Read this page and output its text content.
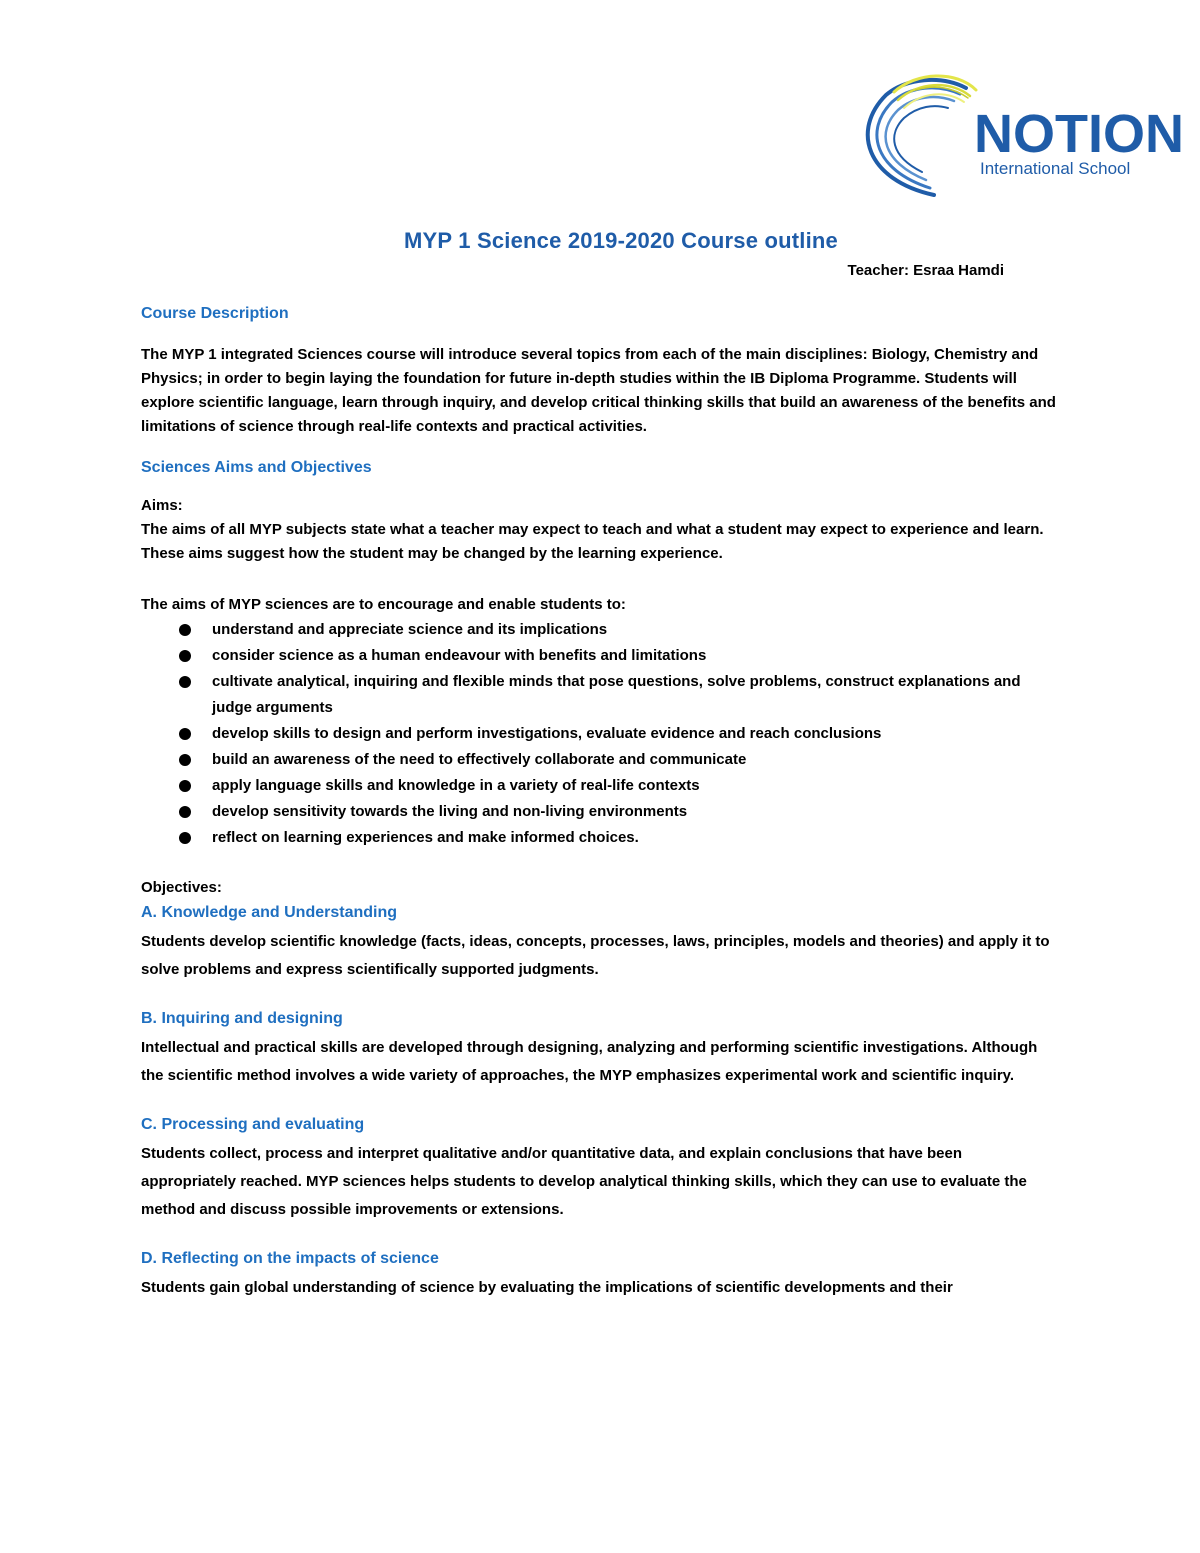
NOTION
International School
MYP 1 Science 2019-2020 Course outline
Teacher: Esraa Hamdi
Course Description
The MYP 1 integrated Sciences course will introduce several topics from each of the main disciplines: Biology, Chemistry and Physics; in order to begin laying the foundation for future in-depth studies within the IB Diploma Programme. Students will explore scientific language, learn through inquiry, and develop critical thinking skills that build an awareness of the benefits and limitations of science through real-life contexts and practical activities.
Sciences Aims and Objectives
Aims:
The aims of all MYP subjects state what a teacher may expect to teach and what a student may expect to experience and learn. These aims suggest how the student may be changed by the learning experience.
The aims of MYP sciences are to encourage and enable students to:
understand and appreciate science and its implications
consider science as a human endeavour with benefits and limitations
cultivate analytical, inquiring and flexible minds that pose questions, solve problems, construct explanations and judge arguments
develop skills to design and perform investigations, evaluate evidence and reach conclusions
build an awareness of the need to effectively collaborate and communicate
apply language skills and knowledge in a variety of real-life contexts
develop sensitivity towards the living and non-living environments
reflect on learning experiences and make informed choices.
Objectives:
A. Knowledge and Understanding
Students develop scientific knowledge (facts, ideas, concepts, processes, laws, principles, models and theories) and apply it to solve problems and express scientifically supported judgments.
B. Inquiring and designing
Intellectual and practical skills are developed through designing, analyzing and performing scientific investigations. Although the scientific method involves a wide variety of approaches, the MYP emphasizes experimental work and scientific inquiry.
C. Processing and evaluating
Students collect, process and interpret qualitative and/or quantitative data, and explain conclusions that have been appropriately reached. MYP sciences helps students to develop analytical thinking skills, which they can use to evaluate the method and discuss possible improvements or extensions.
D. Reflecting on the impacts of science
Students gain global understanding of science by evaluating the implications of scientific developments and their
